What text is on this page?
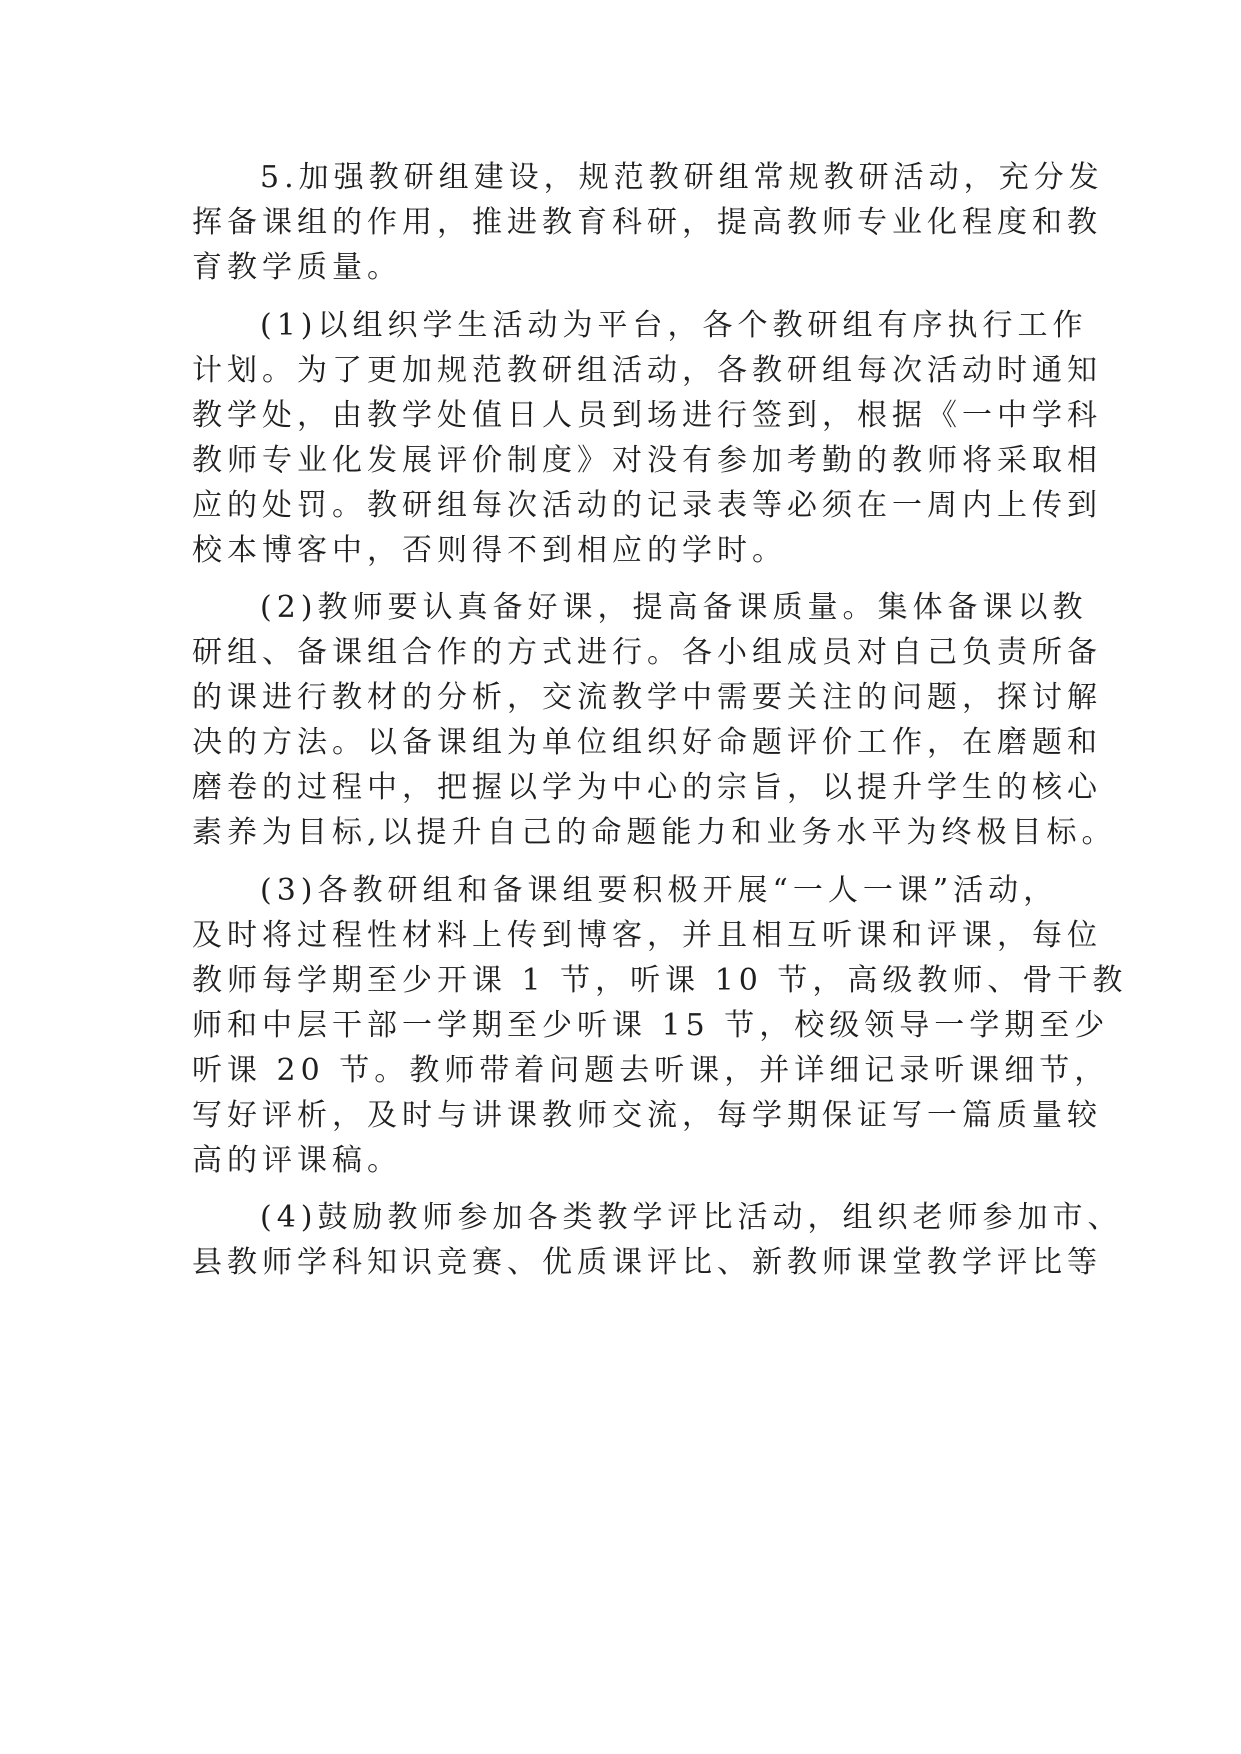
5.加强教研组建设，规范教研组常规教研活动，充分发
挥备课组的作用，推进教育科研，提高教师专业化程度和教
育教学质量。
(1)以组织学生活动为平台，各个教研组有序执行工作
计划。为了更加规范教研组活动，各教研组每次活动时通知
教学处，由教学处值日人员到场进行签到，根据《一中学科
教师专业化发展评价制度》对没有参加考勤的教师将采取相
应的处罚。教研组每次活动的记录表等必须在一周内上传到
校本博客中，否则得不到相应的学时。
(2)教师要认真备好课，提高备课质量。集体备课以教
研组、备课组合作的方式进行。各小组成员对自己负责所备
的课进行教材的分析，交流教学中需要关注的问题，探讨解
决的方法。以备课组为单位组织好命题评价工作，在磨题和
磨卷的过程中，把握以学为中心的宗旨，以提升学生的核心
素养为目标,以提升自己的命题能力和业务水平为终极目标。
(3)各教研组和备课组要积极开展“一人一课”活动，
及时将过程性材料上传到博客，并且相互听课和评课，每位
教师每学期至少开课 1 节，听课 10 节，高级教师、骨干教
师和中层干部一学期至少听课 15 节，校级领导一学期至少
听课 20 节。教师带着问题去听课，并详细记录听课细节，
写好评析，及时与讲课教师交流，每学期保证写一篇质量较
高的评课稿。
(4)鼓励教师参加各类教学评比活动，组织老师参加市、
县教师学科知识竞赛、优质课评比、新教师课堂教学评比等
